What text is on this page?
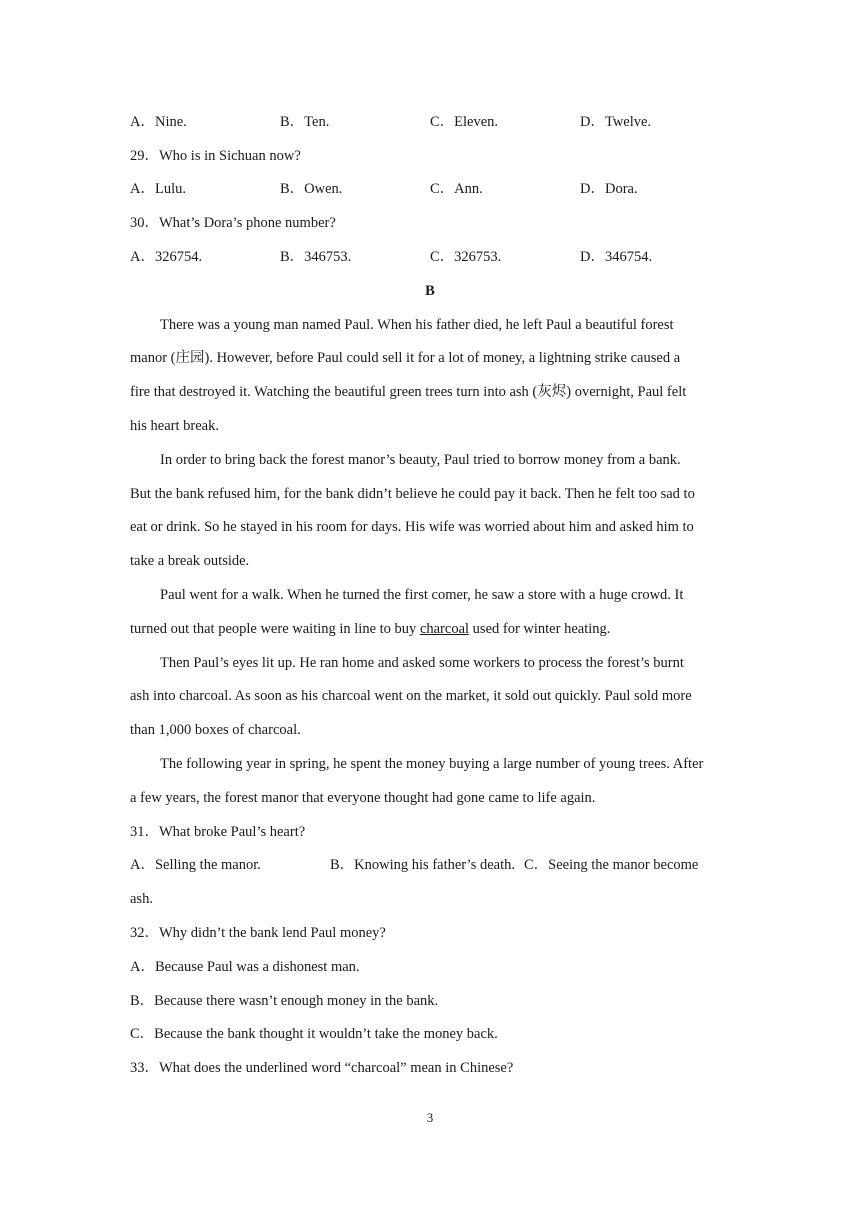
A．Nine.	B．Ten.	C．Eleven.	D．Twelve.
29．Who is in Sichuan now?
A．Lulu.	B．Owen.	C．Ann.	D．Dora.
30．What’s Dora’s phone number?
A．326754.	B．346753.	C．326753.	D．346754.
B
There was a young man named Paul. When his father died, he left Paul a beautiful forest
manor (庄园). However, before Paul could sell it for a lot of money, a lightning strike caused a
fire that destroyed it. Watching the beautiful green trees turn into ash (灰烬) overnight, Paul felt
his heart break.
In order to bring back the forest manor’s beauty, Paul tried to borrow money from a bank.
But the bank refused him, for the bank didn’t believe he could pay it back. Then he felt too sad to
eat or drink. So he stayed in his room for days. His wife was worried about him and asked him to
take a break outside.
Paul went for a walk. When he turned the first comer, he saw a store with a huge crowd. It
turned out that people were waiting in line to buy charcoal used for winter heating.
Then Paul’s eyes lit up. He ran home and asked some workers to process the forest’s burnt
ash into charcoal. As soon as his charcoal went on the market, it sold out quickly. Paul sold more
than 1,000 boxes of charcoal.
The following year in spring, he spent the money buying a large number of young trees. After
a few years, the forest manor that everyone thought had gone came to life again.
31．What broke Paul’s heart?
A．Selling the manor.	B．Knowing his father’s death. C．Seeing the manor become
ash.
32．Why didn’t the bank lend Paul money?
A．Because Paul was a dishonest man.
B．Because there wasn’t enough money in the bank.
C．Because the bank thought it wouldn’t take the money back.
33．What does the underlined word “charcoal” mean in Chinese?
3
